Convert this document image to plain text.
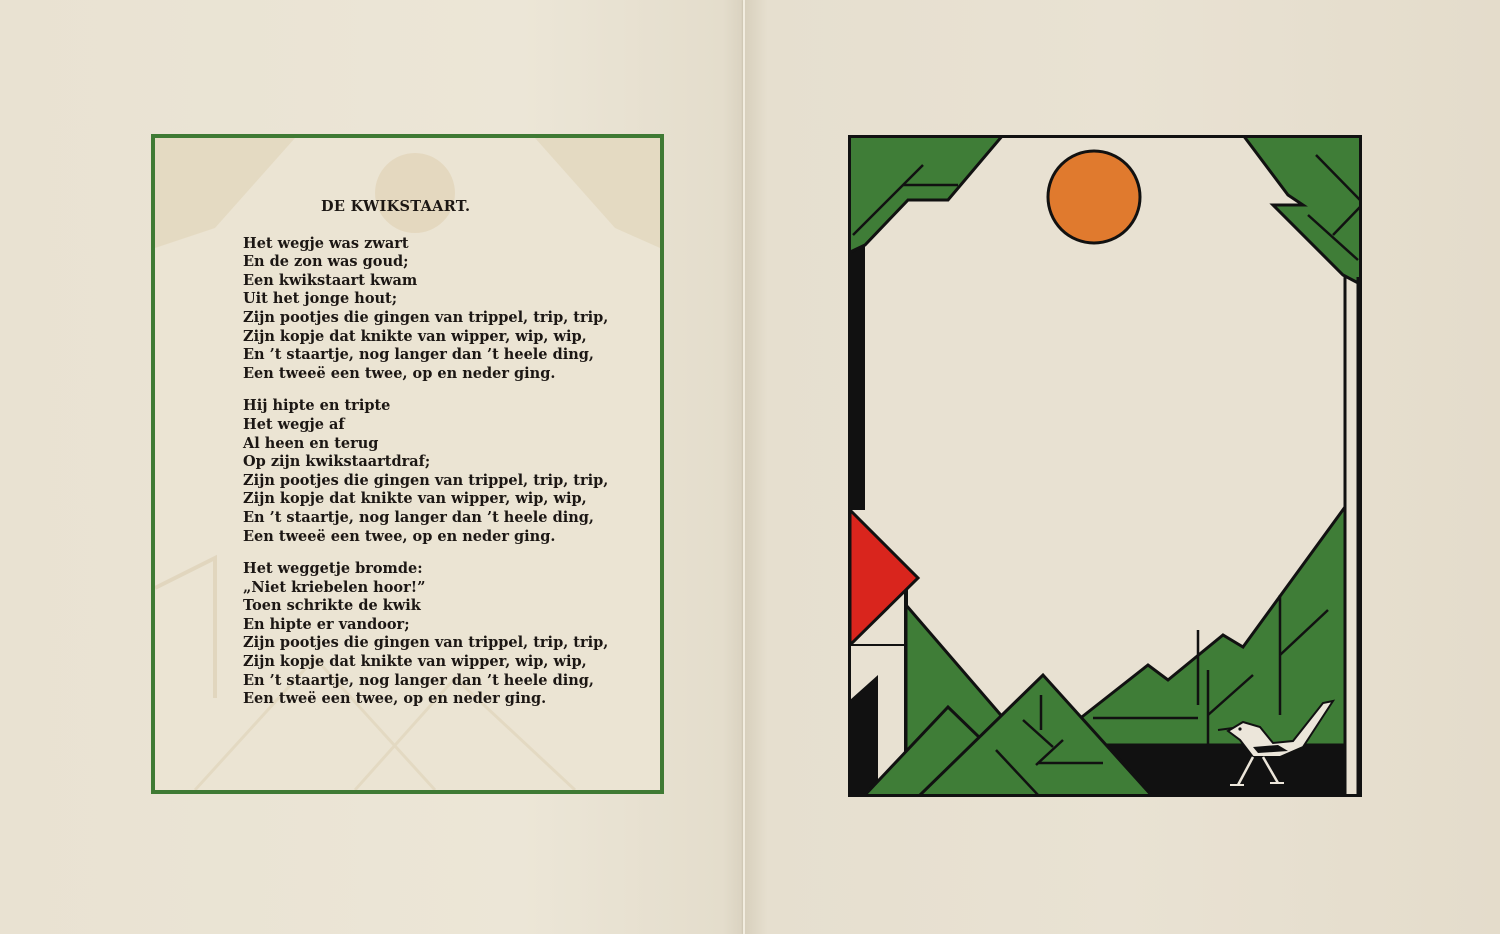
DE KWIKSTAART.
Het wegje was zwart
En de zon was goud;
Een kwikstaart kwam
Uit het jonge hout;
Zijn pootjes die gingen van trippel, trip, trip,
Zijn kopje dat knikte van wipper, wip, wip,
En ’t staartje, nog langer dan ’t heele ding,
Een tweeë een twee, op en neder ging.
Hij hipte en tripte
Het wegje af
Al heen en terug
Op zijn kwikstaartdraf;
Zijn pootjes die gingen van trippel, trip, trip,
Zijn kopje dat knikte van wipper, wip, wip,
En ’t staartje, nog langer dan ’t heele ding,
Een tweeë een twee, op en neder ging.
Het weggetje bromde:
„Niet kriebelen hoor!”
Toen schrikte de kwik
En hipte er vandoor;
Zijn pootjes die gingen van trippel, trip, trip,
Zijn kopje dat knikte van wipper, wip, wip,
En ’t staartje, nog langer dan ’t heele ding,
Een tweë een twee, op en neder ging.
